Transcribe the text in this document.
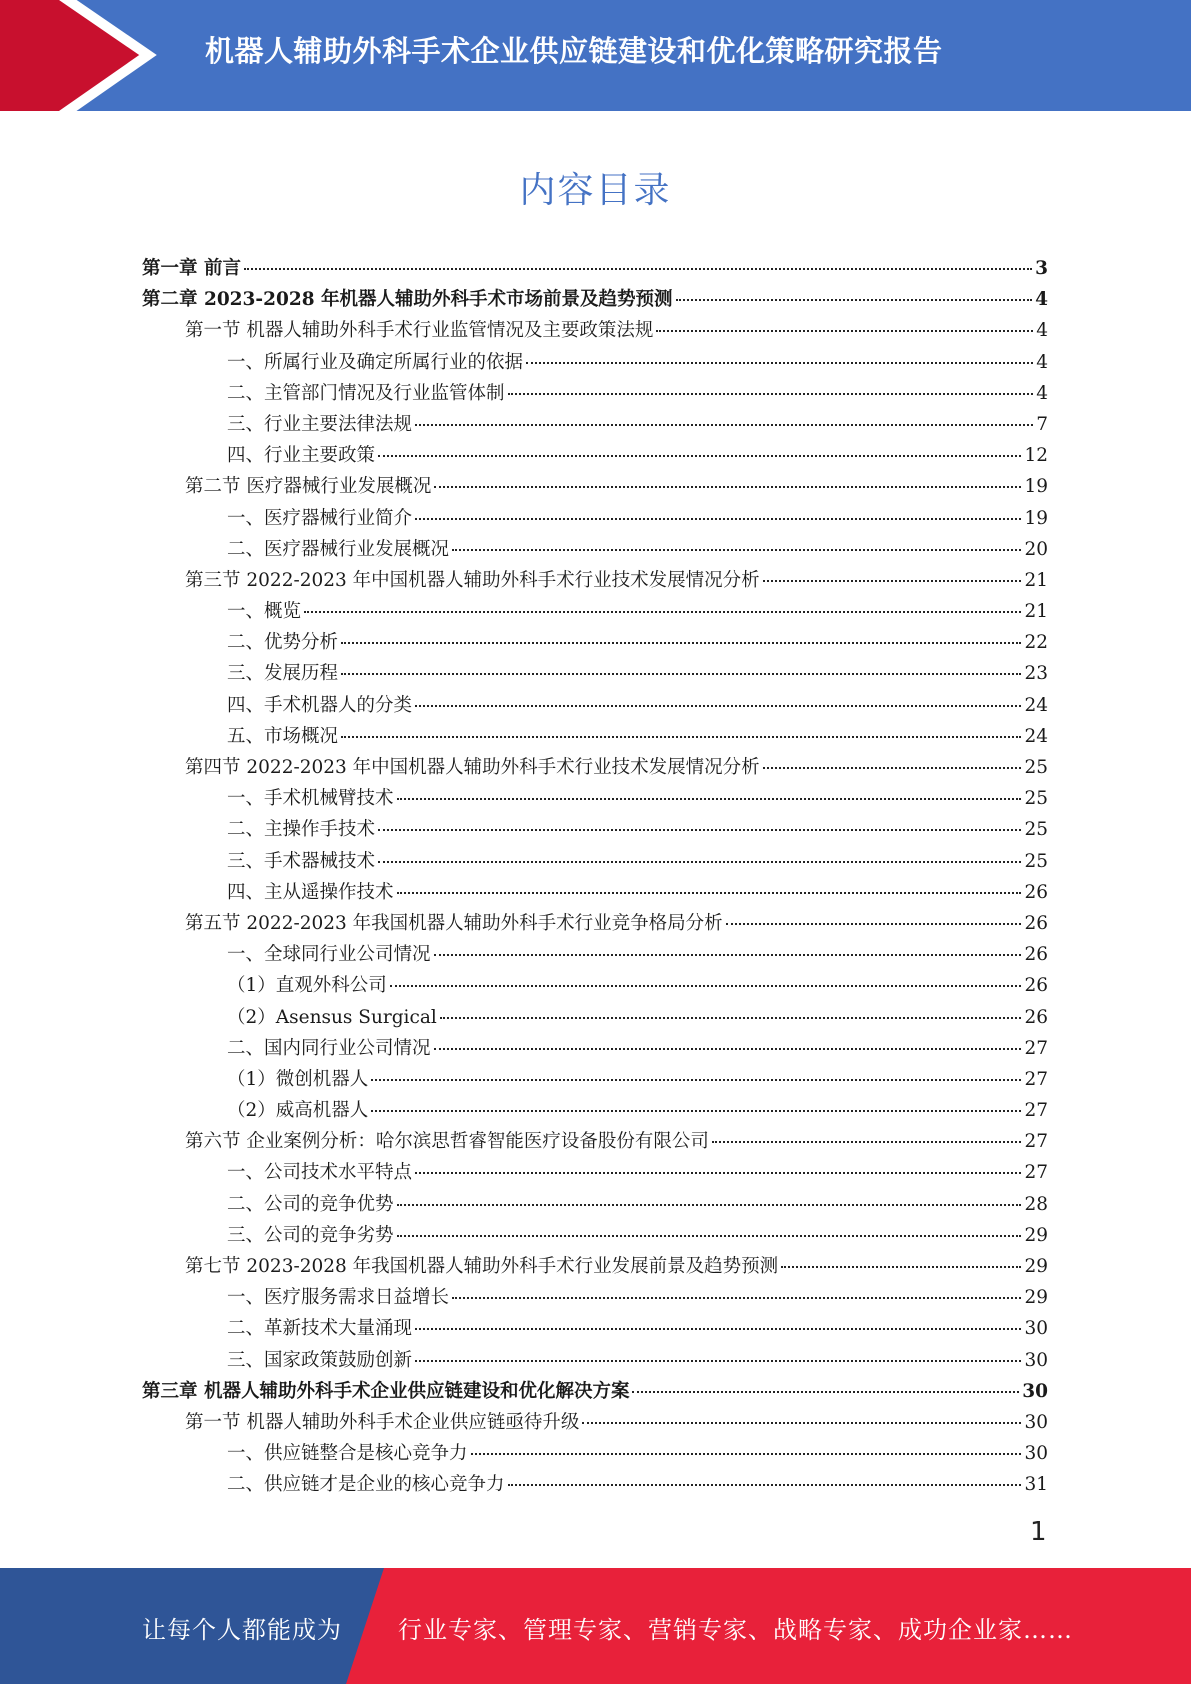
机器人辅助外科手术企业供应链建设和优化策略研究报告
内容目录
第一章 前言	3
第二章 2023-2028 年机器人辅助外科手术市场前景及趋势预测	4
第一节 机器人辅助外科手术行业监管情况及主要政策法规	4
一、所属行业及确定所属行业的依据	4
二、主管部门情况及行业监管体制	4
三、行业主要法律法规	7
四、行业主要政策	12
第二节 医疗器械行业发展概况	19
一、医疗器械行业简介	19
二、医疗器械行业发展概况	20
第三节 2022-2023 年中国机器人辅助外科手术行业技术发展情况分析	21
一、概览	21
二、优势分析	22
三、发展历程	23
四、手术机器人的分类	24
五、市场概况	24
第四节 2022-2023 年中国机器人辅助外科手术行业技术发展情况分析	25
一、手术机械臂技术	25
二、主操作手技术	25
三、手术器械技术	25
四、主从遥操作技术	26
第五节 2022-2023 年我国机器人辅助外科手术行业竞争格局分析	26
一、全球同行业公司情况	26
（1）直观外科公司	26
（2）Asensus Surgical	26
二、国内同行业公司情况	27
（1）微创机器人	27
（2）威高机器人	27
第六节 企业案例分析：哈尔滨思哲睿智能医疗设备股份有限公司	27
一、公司技术水平特点	27
二、公司的竞争优势	28
三、公司的竞争劣势	29
第七节 2023-2028 年我国机器人辅助外科手术行业发展前景及趋势预测	29
一、医疗服务需求日益增长	29
二、革新技术大量涌现	30
三、国家政策鼓励创新	30
第三章 机器人辅助外科手术企业供应链建设和优化解决方案	30
第一节 机器人辅助外科手术企业供应链亟待升级	30
一、供应链整合是核心竞争力	30
二、供应链才是企业的核心竞争力	31
1
让每个人都能成为 行业专家、管理专家、营销专家、战略专家、成功企业家……
